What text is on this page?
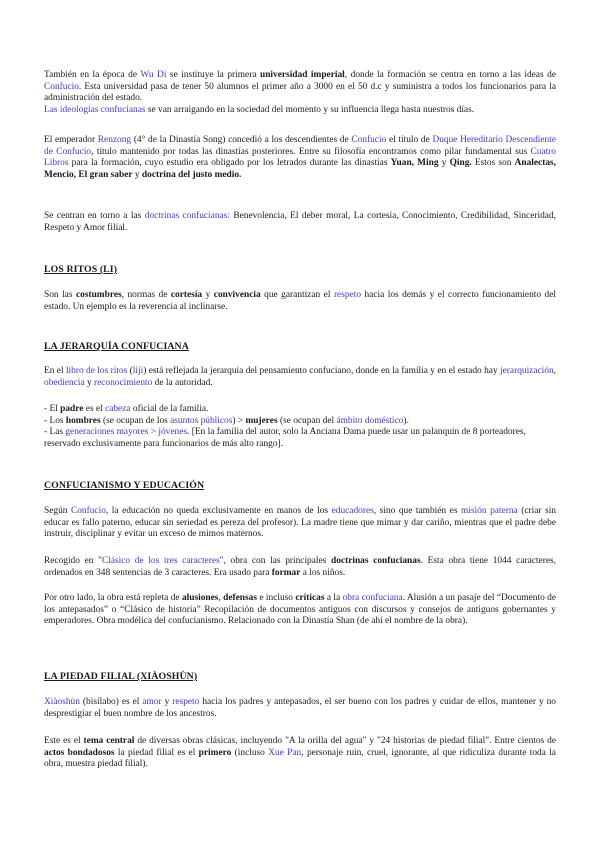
También en la época de Wu Di se instituye la primera universidad imperial, donde la formación se centra en torno a las ideas de Confucio. Esta universidad pasa de tener 50 alumnos el primer año a 3000 en el 50 d.c y suministra a todos los funcionarios para la administración del estado.
Las ideologías confucianas se van arraigando en la sociedad del momento y su influencia llega hasta nuestros días.

El emperador Renzong (4° de la Dinastía Song) concedió a los descendientes de Confucio el título de Duque Hereditario Descendiente de Confucio, título mantenido por todas las dinastías posteriores. Entre su filosofía encontramos como pilar fundamental sus Cuatro Libros para la formación, cuyo estudio era obligado por los letrados durante las dinastías Yuan, Ming y Qing. Estos son Analectas, Mencio, El gran saber y doctrina del justo medio.

Se centran en torno a las doctrinas confucianas: Benevolencia, El deber moral, La cortesía, Conocimiento, Credibilidad, Sinceridad, Respeto y Amor filial.

LOS RITOS (LI)

Son las costumbres, normas de cortesía y convivencia que garantizan el respeto hacia los demás y el correcto funcionamiento del estado. Un ejemplo es la reverencia al inclinarse.

LA JERARQUÍA CONFUCIANA

En el libro de los ritos (liji) está reflejada la jerarquía del pensamiento confuciano, donde en la familia y en el estado hay jerarquización, obediencia y reconocimiento de la autoridad.

- El padre es el cabeza oficial de la familia.
- Los hombres (se ocupan de los asuntos públicos) > mujeres (se ocupan del ámbito doméstico).
- Las generaciones mayores > jóvenes. [En la familia del autor, solo la Anciana Dama puede usar un palanquín de 8 porteadores, reservado exclusivamente para funcionarios de más alto rango].
CONFUCIANISMO Y EDUCACIÓN

Según Confucio, la educación no queda exclusivamente en manos de los educadores, sino que también es misión paterna (criar sin educar es fallo paterno, educar sin seriedad es pereza del profesor). La madre tiene que mimar y dar cariño, mientras que el padre debe instruir, disciplinar y evitar un exceso de mimos maternos.

Recogido en "Clásico de los tres caracteres", obra con las principales doctrinas confucianas. Esta obra tiene 1044 caracteres, ordenados en 348 sentencias de 3 caracteres. Era usado para formar a los niños.

Por otro lado, la obra está repleta de alusiones, defensas e incluso críticas a la obra confuciana. Alusión a un pasaje del “Documento de los antepasados” o “Clásico de historia” Recopilación de documentos antiguos con discursos y consejos de antiguos gobernantes y emperadores. Obra modélica del confucianismo. Relacionado con la Dinastía Shan (de ahí el nombre de la obra).

LA PIEDAD FILIAL (XIÀOSHÙN)

Xiàoshùn (bisílabo) es el amor y respeto hacia los padres y antepasados, el ser bueno con los padres y cuidar de ellos, mantener y no desprestigiar el buen nombre de los ancestros.

Este es el tema central de diversas obras clásicas, incluyendo "A la orilla del agua" y "24 historias de piedad filial". Entre cientos de actos bondadosos la piedad filial es el primero (incluso Xue Pan, personaje ruin, cruel, ignorante, al que ridiculiza durante toda la obra, muestra piedad filial).
